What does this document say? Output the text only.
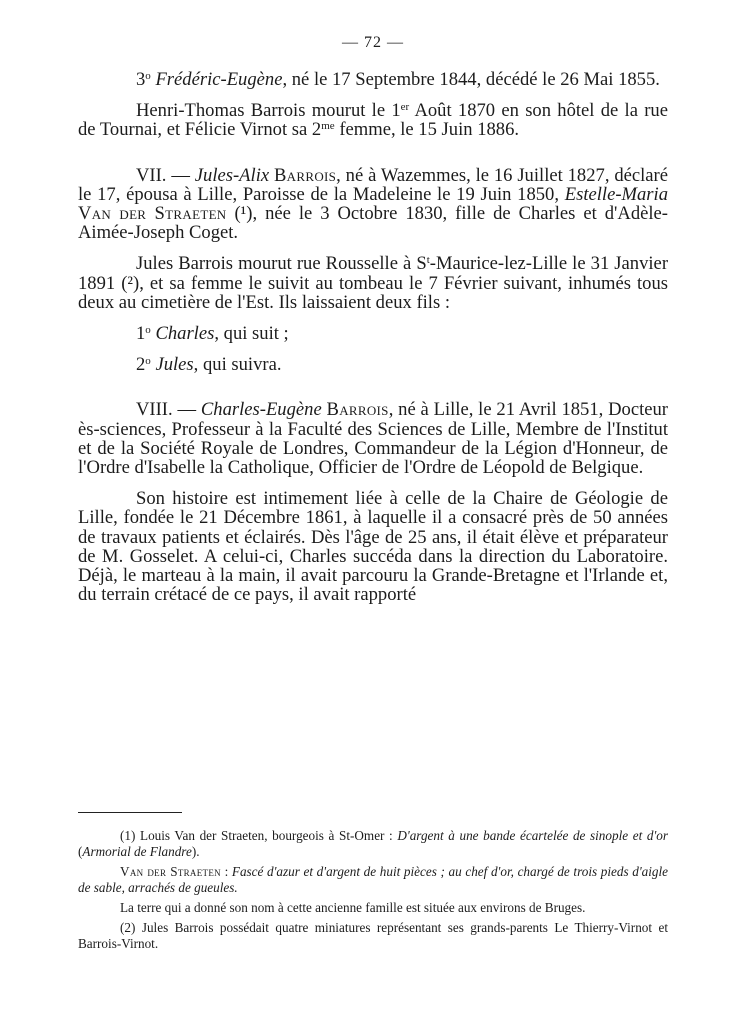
— 72 —

3$^o$ Frédéric-Eugène, né le 17 Septembre 1844, décédé le 26 Mai 1855.

Henri-Thomas Barrois mourut le 1er Août 1870 en son hôtel de la rue de Tournai, et Félicie Virnot sa $2^{me}$ femme, le 15 Juin 1886.

VII. — Jules-Alix Barrois, né à Wazemmes, le 16 Juillet 1827, déclaré le 17, épousa à Lille, Paroisse de la Madeleine le 19 Juin 1850, Estelle-Maria Van der Straeten (¹), née le 3 Octobre 1830, fille de Charles et d'Adèle-Aimée-Joseph Coget.

Jules Barrois mourut rue Rousselle à $S^t-Maurice-lez$-Lille le 31 Janvier 1891 (²), et sa femme le suivit au tombeau le 7 Février suivant, inhumés tous deux au cimetière de l'Est. Ils laissaient deux fils :

1$^o$ Charles, qui suit ;

2$^o$ Jules, qui suivra.

VIII. — Charles-Eugène Barrois, né à Lille, le 21 Avril 1851, Docteur ès-sciences, Professeur à la Faculté des Sciences de Lille, Membre de l'Institut et de la Société Royale de Londres, Commandeur de la Légion d'Honneur, de l'Ordre d'Isabelle la Catholique, Officier de l'Ordre de Léopold de Belgique.

Son histoire est intimement liée à celle de la Chaire de Géologie de Lille, fondée le 21 Décembre 1861, à laquelle il a consacré près de 50 années de travaux patients et éclairés. Dès l'âge de 25 ans, il était élève et préparateur de M. Gosselet. A celui-ci, Charles succéda dans la direction du Laboratoire. Déjà, le marteau à la main, il avait parcouru la Grande-Bretagne et l'Irlande et, du terrain crétacé de ce pays, il avait rapporté

(1) Louis Van der Straeten, bourgeois à St-Omer : D'argent à une bande écartelée de sinople et d'or (Armorial de Flandre).

Van der Straeten : Fascé d'azur et d'argent de huit pièces ; au chef d'or, chargé de trois pieds d'aigle de sable, arrachés de gueules.

La terre qui a donné son nom à cette ancienne famille est située aux environs de Bruges.

(2) Jules Barrois possédait quatre miniatures représentant ses grands-parents Le Thierry-Virnot et Barrois-Virnot.
